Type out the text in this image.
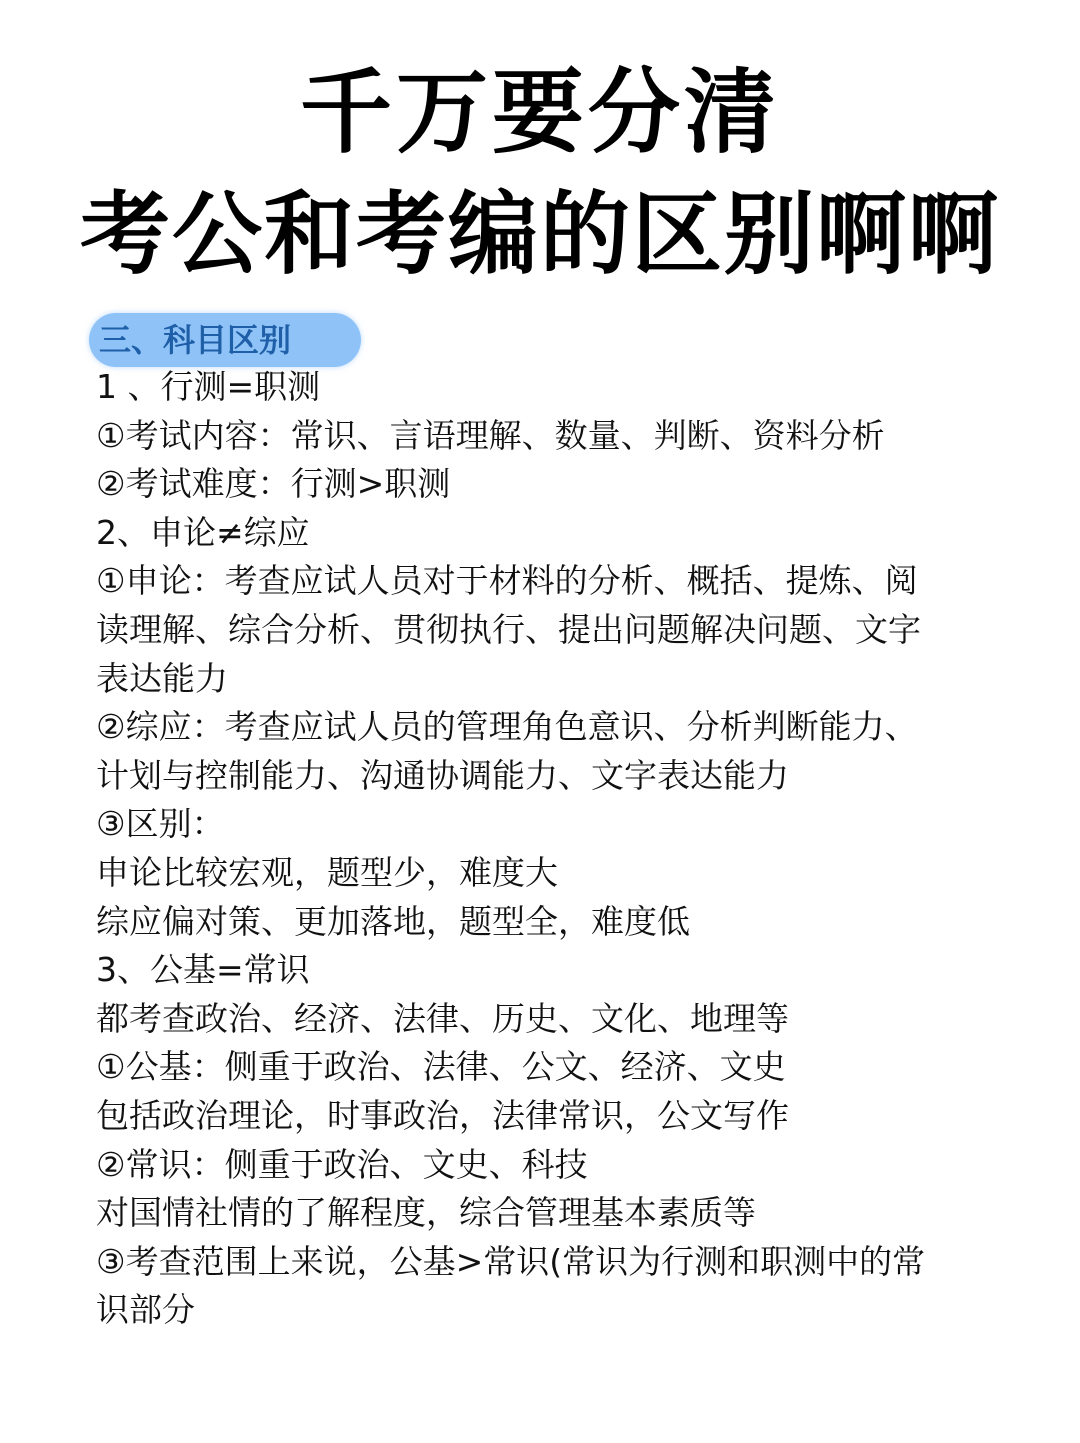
千万要分清
考公和考编的区别啊啊
三、科目区别
1 、行测=职测
①考试内容：常识、言语理解、数量、判断、资料分析
②考试难度：行测>职测
2、申论≠综应
①申论：考查应试人员对于材料的分析、概括、提炼、阅
读理解、综合分析、贯彻执行、提出问题解决问题、文字
表达能力
②综应：考查应试人员的管理角色意识、分析判断能力、
计划与控制能力、沟通协调能力、文字表达能力
③区别：
申论比较宏观，题型少，难度大
综应偏对策、更加落地，题型全，难度低
3、公基=常识
都考查政治、经济、法律、历史、文化、地理等
①公基：侧重于政治、法律、公文、经济、文史
包括政治理论，时事政治，法律常识，公文写作
②常识：侧重于政治、文史、科技
对国情社情的了解程度，综合管理基本素质等
③考查范围上来说，公基>常识(常识为行测和职测中的常
识部分
